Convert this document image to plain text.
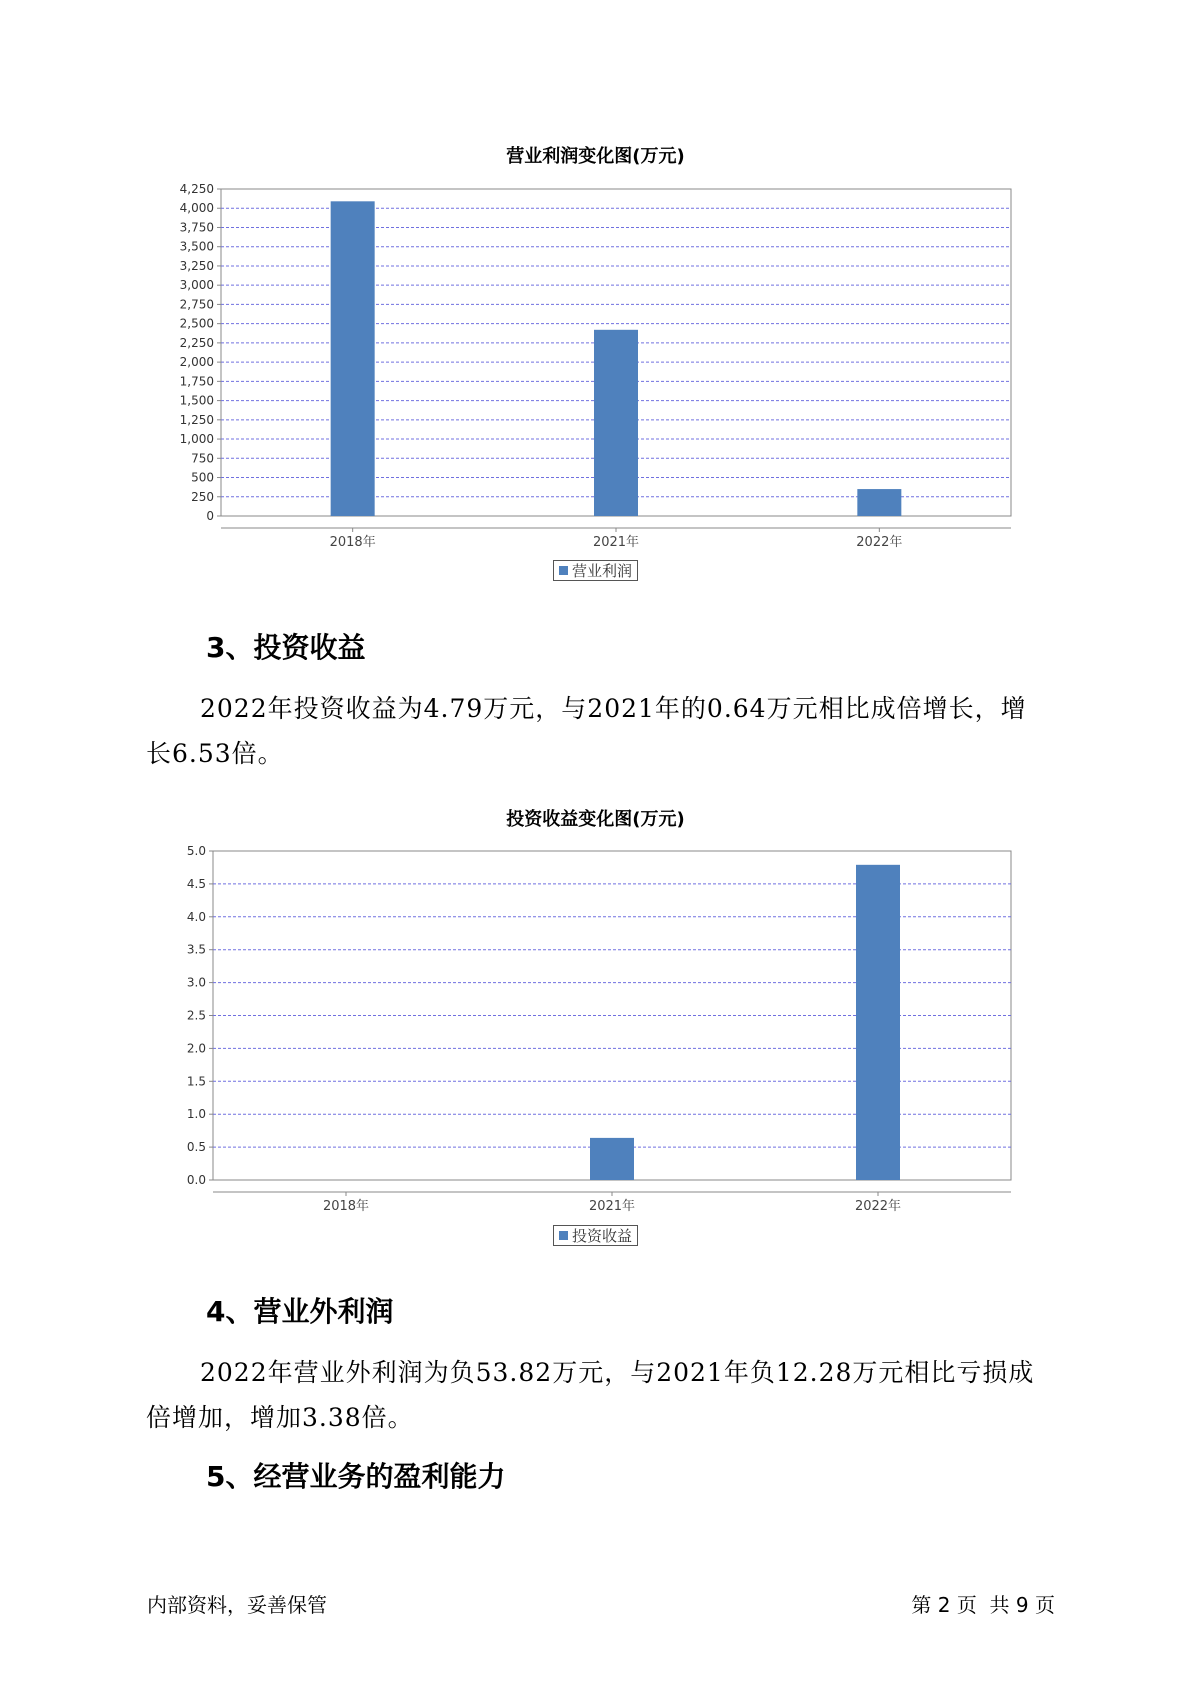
营业利润变化图(万元)
0
250
500
750
1,000
1,250
1,500
1,750
2,000
2,250
2,500
2,750
3,000
3,250
3,500
3,750
4,000
4,250
2018年	2021年	2022年
营业利润
3、投资收益

2022年投资收益为4.79万元，与2021年的0.64万元相比成倍增长，增长6.53倍。

投资收益变化图(万元)
0.0
0.5
1.0
1.5
2.0
2.5
3.0
3.5
4.0
4.5
5.0
2018年	2021年	2022年
投资收益
4、营业外利润

2022年营业外利润为负53.82万元，与2021年负12.28万元相比亏损成倍增加，增加3.38倍。

5、经营业务的盈利能力
内部资料，妥善保管	第 2 页  共 9 页
